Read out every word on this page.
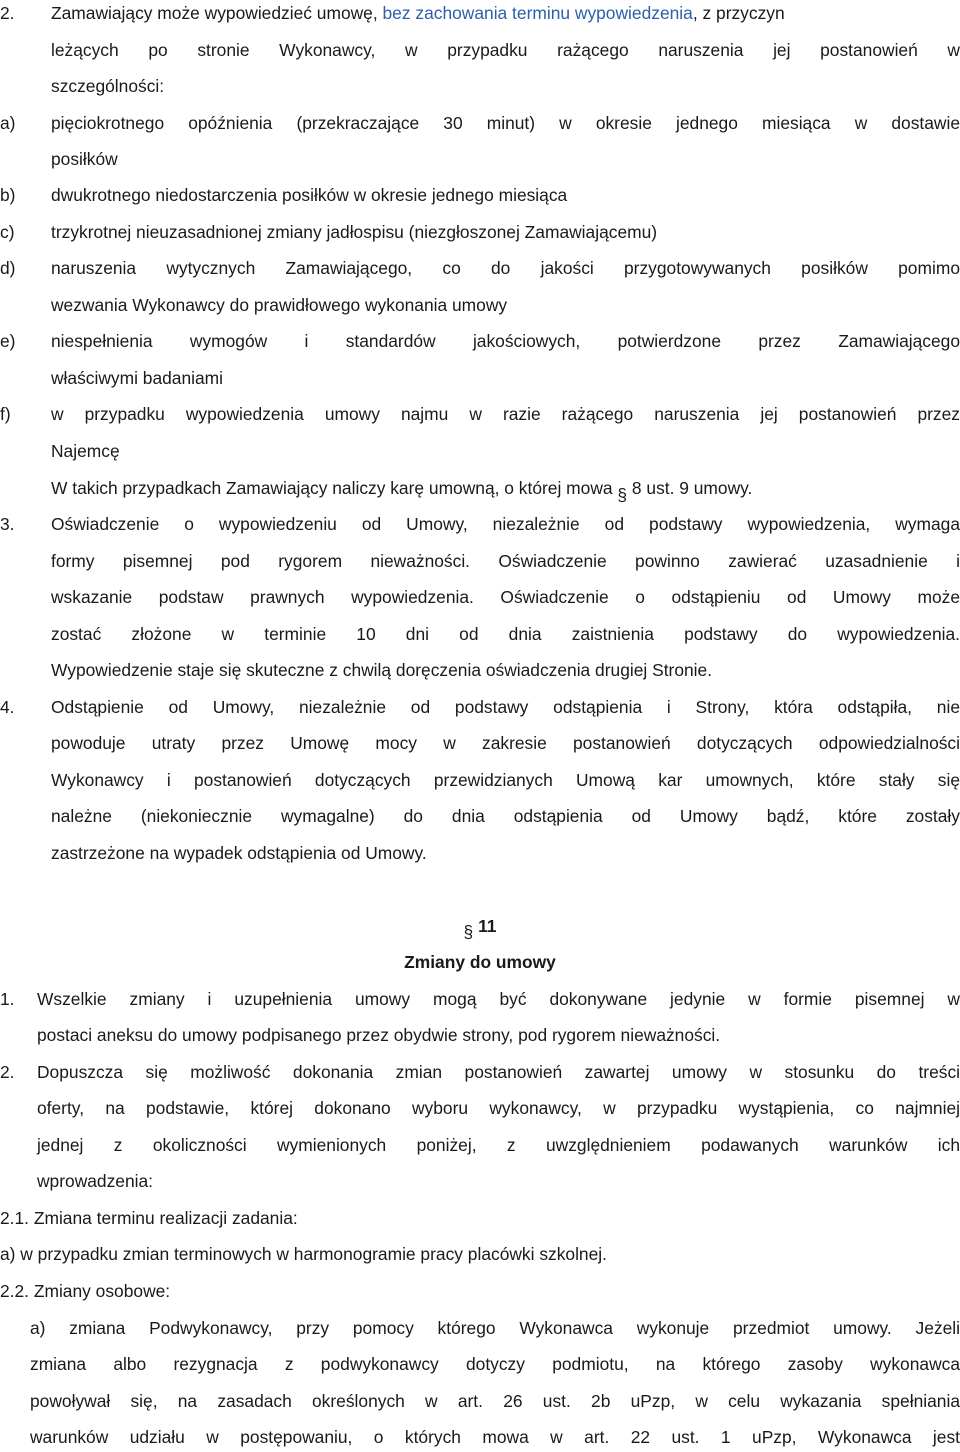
2. Zamawiający może wypowiedzieć umowę, bez zachowania terminu wypowiedzenia, z przyczyn
leżących po stronie Wykonawcy, w przypadku rażącego naruszenia jej postanowień w
szczególności:
a) pięciokrotnego opóźnienia (przekraczające 30 minut) w okresie jednego miesiąca w dostawie
posiłków
b) dwukrotnego niedostarczenia posiłków w okresie jednego miesiąca
c) trzykrotnej nieuzasadnionej zmiany jadłospisu (niezgłoszonej Zamawiającemu)
d) naruszenia wytycznych Zamawiającego, co do jakości przygotowywanych posiłków pomimo
wezwania Wykonawcy do prawidłowego wykonania umowy
e) niespełnienia wymogów i standardów jakościowych, potwierdzone przez Zamawiającego
właściwymi badaniami
f) w przypadku wypowiedzenia umowy najmu w razie rażącego naruszenia jej postanowień przez
Najemcę
W takich przypadkach Zamawiający naliczy karę umowną, o której mowa § 8 ust. 9 umowy.
3. Oświadczenie o wypowiedzeniu od Umowy, niezależnie od podstawy wypowiedzenia, wymaga
formy pisemnej pod rygorem nieważności. Oświadczenie powinno zawierać uzasadnienie i
wskazanie podstaw prawnych wypowiedzenia. Oświadczenie o odstąpieniu od Umowy może
zostać złożone w terminie 10 dni od dnia zaistnienia podstawy do wypowiedzenia.
Wypowiedzenie staje się skuteczne z chwilą doręczenia oświadczenia drugiej Stronie.
4. Odstąpienie od Umowy, niezależnie od podstawy odstąpienia i Strony, która odstąpiła, nie
powoduje utraty przez Umowę mocy w zakresie postanowień dotyczących odpowiedzialności
Wykonawcy i postanowień dotyczących przewidzianych Umową kar umownych, które stały się
należne (niekoniecznie wymagalne) do dnia odstąpienia od Umowy bądź, które zostały
zastrzeżone na wypadek odstąpienia od Umowy.
§ 11
Zmiany do umowy
1. Wszelkie zmiany i uzupełnienia umowy mogą być dokonywane jedynie w formie pisemnej w
postaci aneksu do umowy podpisanego przez obydwie strony, pod rygorem nieważności.
2. Dopuszcza się możliwość dokonania zmian postanowień zawartej umowy w stosunku do treści
oferty, na podstawie, której dokonano wyboru wykonawcy, w przypadku wystąpienia, co najmniej
jednej z okoliczności wymienionych poniżej, z uwzględnieniem podawanych warunków ich
wprowadzenia:
2.1. Zmiana terminu realizacji zadania:
a) w przypadku zmian terminowych w harmonogramie pracy placówki szkolnej.
2.2. Zmiany osobowe:
a) zmiana Podwykonawcy, przy pomocy którego Wykonawca wykonuje przedmiot umowy. Jeżeli
zmiana albo rezygnacja z podwykonawcy dotyczy podmiotu, na którego zasoby wykonawca
powoływał się, na zasadach określonych w art. 26 ust. 2b uPzp, w celu wykazania spełniania
warunków udziału w postępowaniu, o których mowa w art. 22 ust. 1 uPzp, Wykonawca jest
